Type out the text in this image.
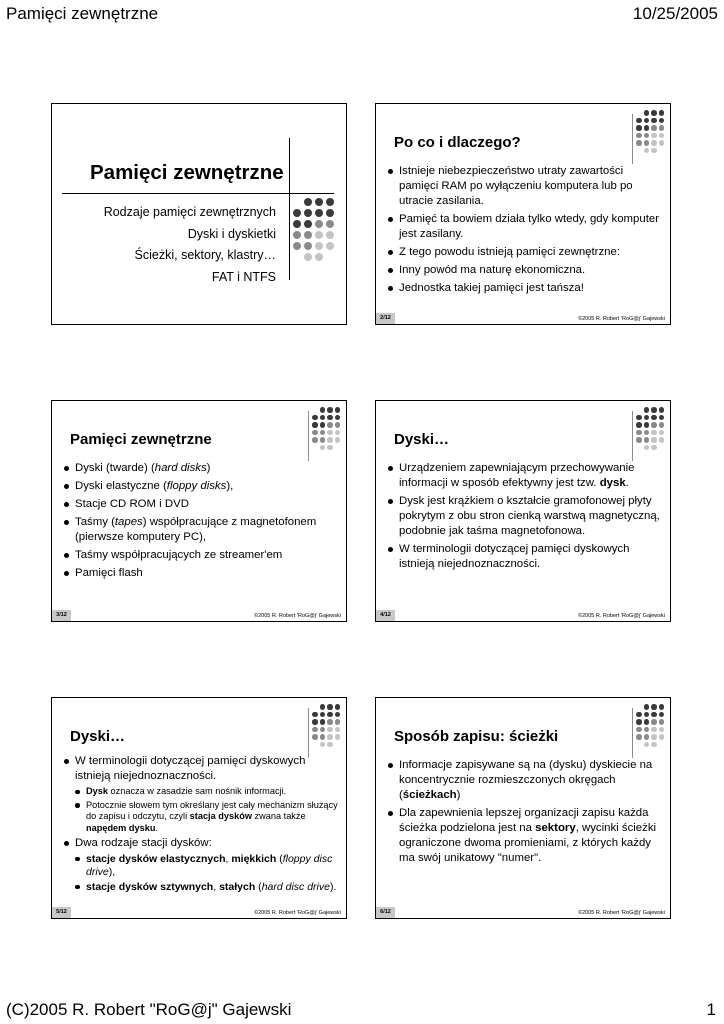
Pamięci zewnętrzne	10/25/2005
Pamięci zewnętrzne
Rodzaje pamięci zewnętrznych
Dyski i dyskietki
Ścieżki, sektory, klastry…
FAT i NTFS
Po co i dlaczego?
Istnieje niebezpieczeństwo utraty zawartości pamięci RAM po wyłączeniu komputera lub po utracie zasilania.
Pamięć ta bowiem działa tylko wtedy, gdy komputer jest zasilany.
Z tego powodu istnieją pamięci zewnętrzne:
Inny powód ma naturę ekonomiczna.
Jednostka takiej pamięci jest tańsza!
2/12	©2005 R. Robert 'RoG@j' Gajewski
Pamięci zewnętrzne
Dyski (twarde) (hard disks)
Dyski elastyczne (floppy disks),
Stacje CD ROM i DVD
Taśmy (tapes) współpracujące z magnetofonem (pierwsze komputery PC),
Taśmy współpracujących ze streamer'em
Pamięci flash
3/12	©2005 R. Robert 'RoG@j' Gajewski
Dyski…
Urządzeniem zapewniającym przechowywanie informacji w sposób efektywny jest tzw. dysk.
Dysk jest krążkiem o kształcie gramofonowej płyty pokrytym z obu stron cienką warstwą magnetyczną, podobnie jak taśma magnetofonowa.
W terminologii dotyczącej pamięci dyskowych istnieją niejednoznaczności.
4/12	©2005 R. Robert 'RoG@j' Gajewski
Dyski…
W terminologii dotyczącej pamięci dyskowych istnieją niejednoznaczności.
Dysk oznacza w zasadzie sam nośnik informacji.
Potocznie słowem tym określany jest cały mechanizm służący do zapisu i odczytu, czyli stacja dysków zwana także napędem dysku.
Dwa rodzaje stacji dysków:
stacje dysków elastycznych, miękkich (floppy disc drive),
stacje dysków sztywnych, stałych (hard disc drive).
5/12	©2005 R. Robert 'RoG@j' Gajewski
Sposób zapisu: ścieżki
Informacje zapisywane są na (dysku) dyskiecie na koncentrycznie rozmieszczonych okręgach (ścieżkach)
Dla zapewnienia lepszej organizacji zapisu każda ścieżka podzielona jest na sektory, wycinki ścieżki ograniczone dwoma promieniami, z których każdy ma swój unikatowy "numer".
6/12	©2005 R. Robert 'RoG@j' Gajewski
(C)2005 R. Robert "RoG@j" Gajewski	1
